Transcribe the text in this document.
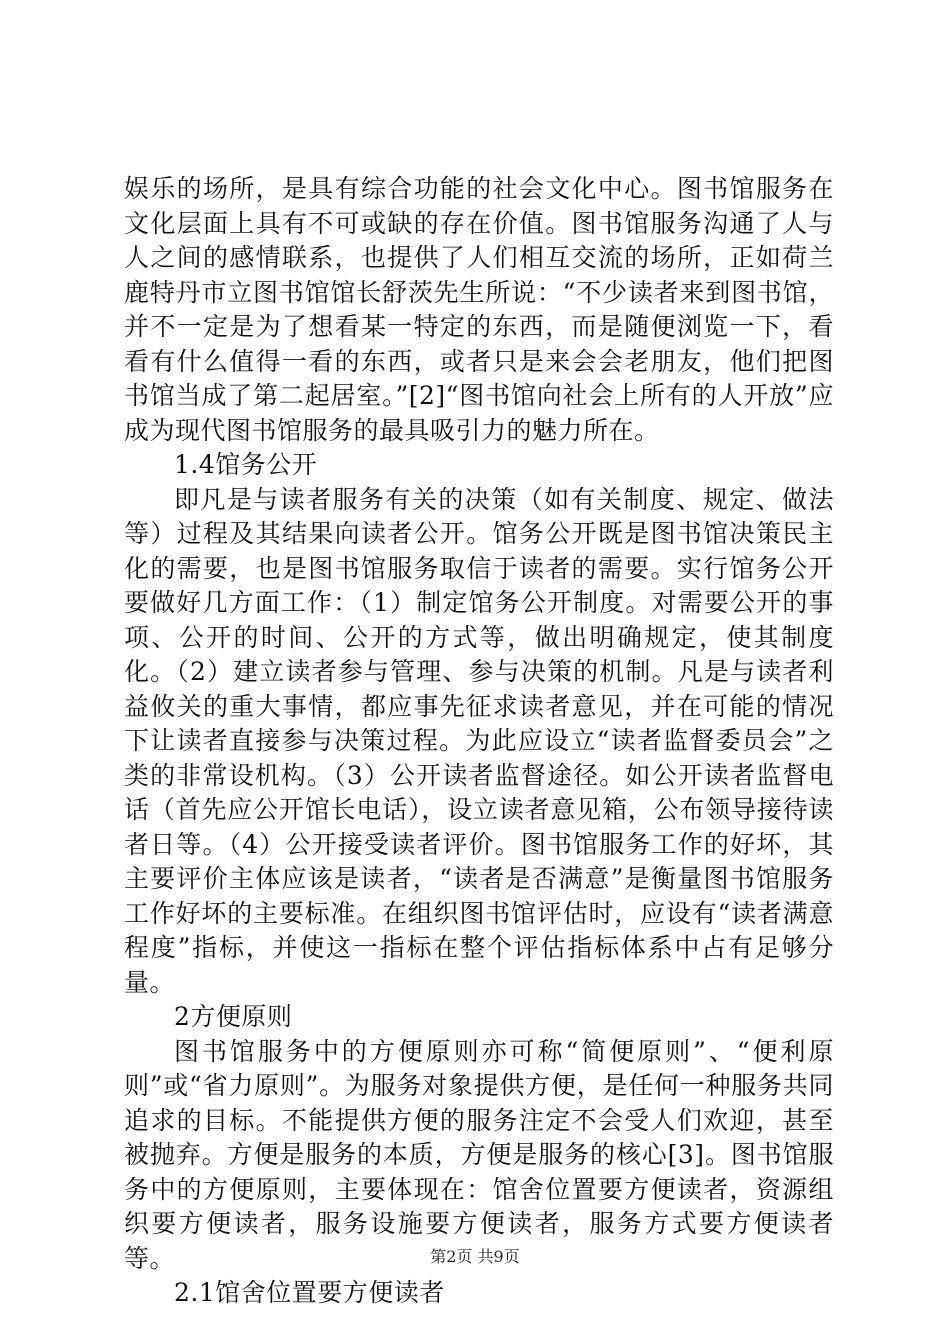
娱乐的场所，是具有综合功能的社会文化中心。图书馆服务在文化层面上具有不可或缺的存在价值。图书馆服务沟通了人与人之间的感情联系，也提供了人们相互交流的场所，正如荷兰鹿特丹市立图书馆馆长舒茨先生所说：“不少读者来到图书馆，并不一定是为了想看某一特定的东西，而是随便浏览一下，看看有什么值得一看的东西，或者只是来会会老朋友，他们把图书馆当成了第二起居室。”[2]“图书馆向社会上所有的人开放”应成为现代图书馆服务的最具吸引力的魅力所在。

1.4馆务公开

即凡是与读者服务有关的决策（如有关制度、规定、做法等）过程及其结果向读者公开。馆务公开既是图书馆决策民主化的需要，也是图书馆服务取信于读者的需要。实行馆务公开要做好几方面工作：（1）制定馆务公开制度。对需要公开的事项、公开的时间、公开的方式等，做出明确规定，使其制度化。（2）建立读者参与管理、参与决策的机制。凡是与读者利益攸关的重大事情，都应事先征求读者意见，并在可能的情况下让读者直接参与决策过程。为此应设立“读者监督委员会”之类的非常设机构。（3）公开读者监督途径。如公开读者监督电话（首先应公开馆长电话），设立读者意见箱，公布领导接待读者日等。（4）公开接受读者评价。图书馆服务工作的好坏，其主要评价主体应该是读者，“读者是否满意”是衡量图书馆服务工作好坏的主要标准。在组织图书馆评估时，应设有“读者满意程度”指标，并使这一指标在整个评估指标体系中占有足够分量。

2方便原则

图书馆服务中的方便原则亦可称“简便原则”、“便利原则”或“省力原则”。为服务对象提供方便，是任何一种服务共同追求的目标。不能提供方便的服务注定不会受人们欢迎，甚至被抛弃。方便是服务的本质，方便是服务的核心[3]。图书馆服务中的方便原则，主要体现在：馆舍位置要方便读者，资源组织要方便读者，服务设施要方便读者，服务方式要方便读者等。

2.1馆舍位置要方便读者

第2页 共9页
